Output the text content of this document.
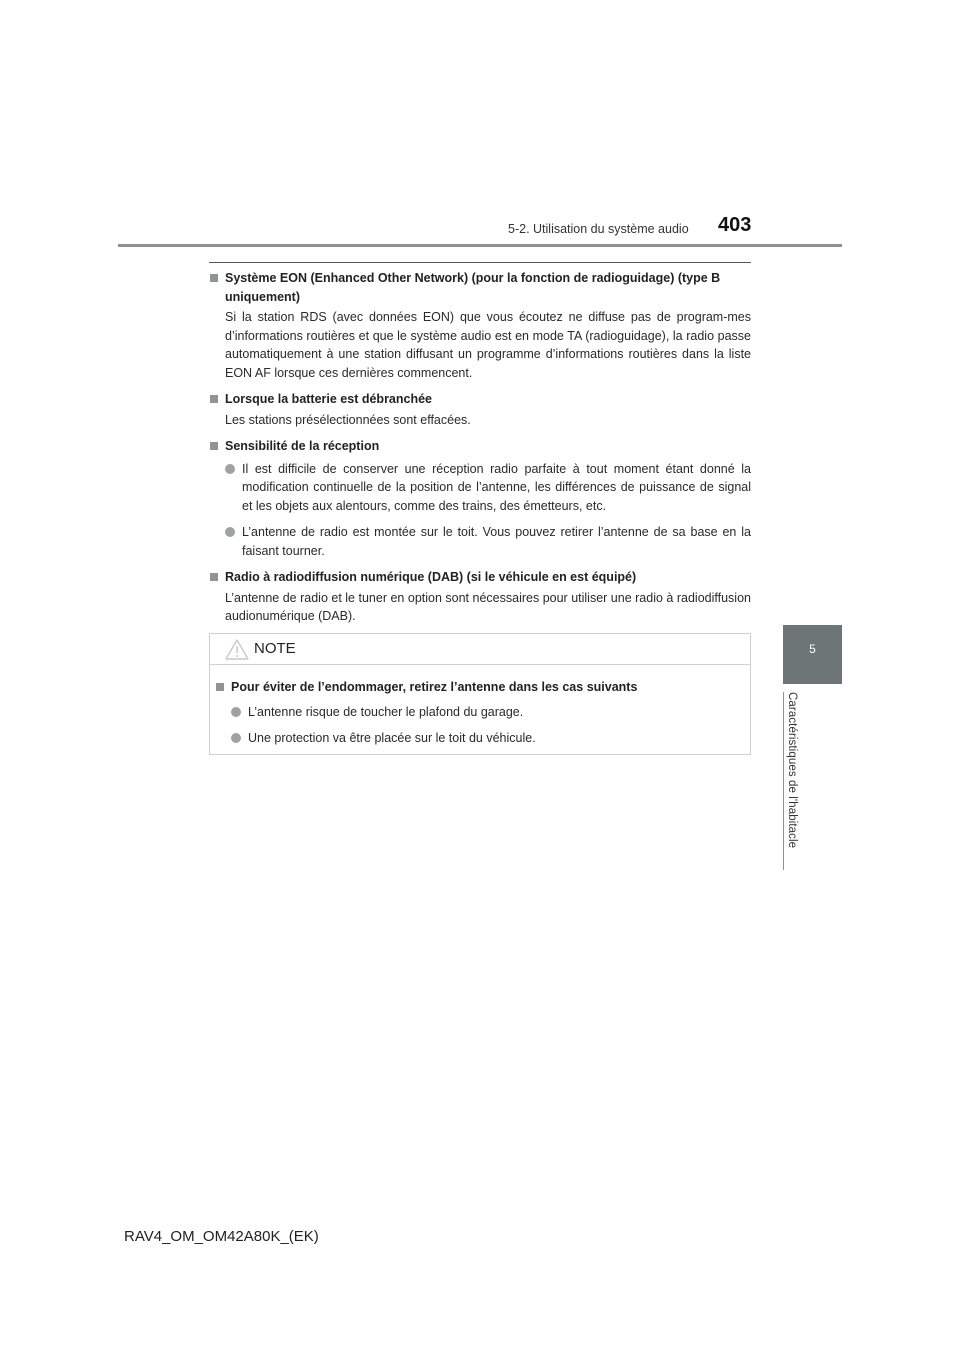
5-2. Utilisation du système audio 403
5
Caractéristiques de l'habitacle
Système EON (Enhanced Other Network) (pour la fonction de radioguidage) (type B uniquement)
Si la station RDS (avec données EON) que vous écoutez ne diffuse pas de program-mes d’informations routières et que le système audio est en mode TA (radioguidage), la radio passe automatiquement à une station diffusant un programme d’informations routières dans la liste EON AF lorsque ces dernières commencent.
Lorsque la batterie est débranchée
Les stations présélectionnées sont effacées.
Sensibilité de la réception
Il est difficile de conserver une réception radio parfaite à tout moment étant donné la modification continuelle de la position de l’antenne, les différences de puissance de signal et les objets aux alentours, comme des trains, des émetteurs, etc.
L’antenne de radio est montée sur le toit. Vous pouvez retirer l’antenne de sa base en la faisant tourner.
Radio à radiodiffusion numérique (DAB) (si le véhicule en est équipé)
L’antenne de radio et le tuner en option sont nécessaires pour utiliser une radio à radiodiffusion audionumérique (DAB).
NOTE
Pour éviter de l’endommager, retirez l’antenne dans les cas suivants
L’antenne risque de toucher le plafond du garage.
Une protection va être placée sur le toit du véhicule.
RAV4_OM_OM42A80K_(EK)
